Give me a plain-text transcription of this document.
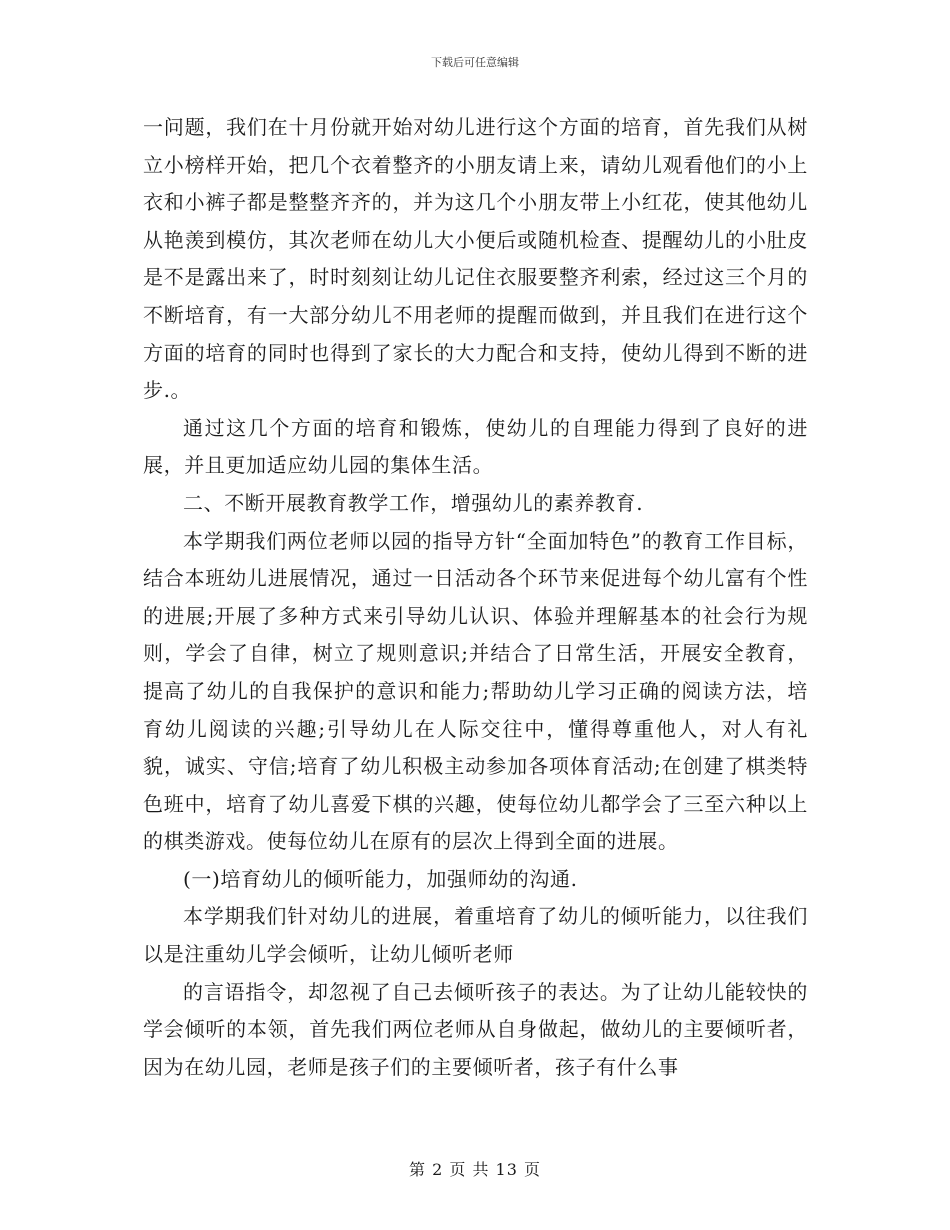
下载后可任意编辑

一问题，我们在十月份就开始对幼儿进行这个方面的培育，首先我们从树立小榜样开始，把几个衣着整齐的小朋友请上来，请幼儿观看他们的小上衣和小裤子都是整整齐齐的，并为这几个小朋友带上小红花，使其他幼儿从艳羡到模仿，其次老师在幼儿大小便后或随机检查、提醒幼儿的小肚皮是不是露出来了，时时刻刻让幼儿记住衣服要整齐利索，经过这三个月的不断培育，有一大部分幼儿不用老师的提醒而做到，并且我们在进行这个方面的培育的同时也得到了家长的大力配合和支持，使幼儿得到不断的进步.。

通过这几个方面的培育和锻炼，使幼儿的自理能力得到了良好的进展，并且更加适应幼儿园的集体生活。

二、不断开展教育教学工作，增强幼儿的素养教育.

本学期我们两位老师以园的指导方针“全面加特色”的教育工作目标，结合本班幼儿进展情况，通过一日活动各个环节来促进每个幼儿富有个性的进展;开展了多种方式来引导幼儿认识、体验并理解基本的社会行为规则，学会了自律，树立了规则意识;并结合了日常生活，开展安全教育，提高了幼儿的自我保护的意识和能力;帮助幼儿学习正确的阅读方法，培育幼儿阅读的兴趣;引导幼儿在人际交往中，懂得尊重他人，对人有礼貌，诚实、守信;培育了幼儿积极主动参加各项体育活动;在创建了棋类特色班中，培育了幼儿喜爱下棋的兴趣，使每位幼儿都学会了三至六种以上的棋类游戏。使每位幼儿在原有的层次上得到全面的进展。

(一)培育幼儿的倾听能力，加强师幼的沟通.

本学期我们针对幼儿的进展，着重培育了幼儿的倾听能力，以往我们以是注重幼儿学会倾听，让幼儿倾听老师

的言语指令，却忽视了自己去倾听孩子的表达。为了让幼儿能较快的学会倾听的本领，首先我们两位老师从自身做起，做幼儿的主要倾听者，因为在幼儿园，老师是孩子们的主要倾听者，孩子有什么事

第 2 页 共 13 页
